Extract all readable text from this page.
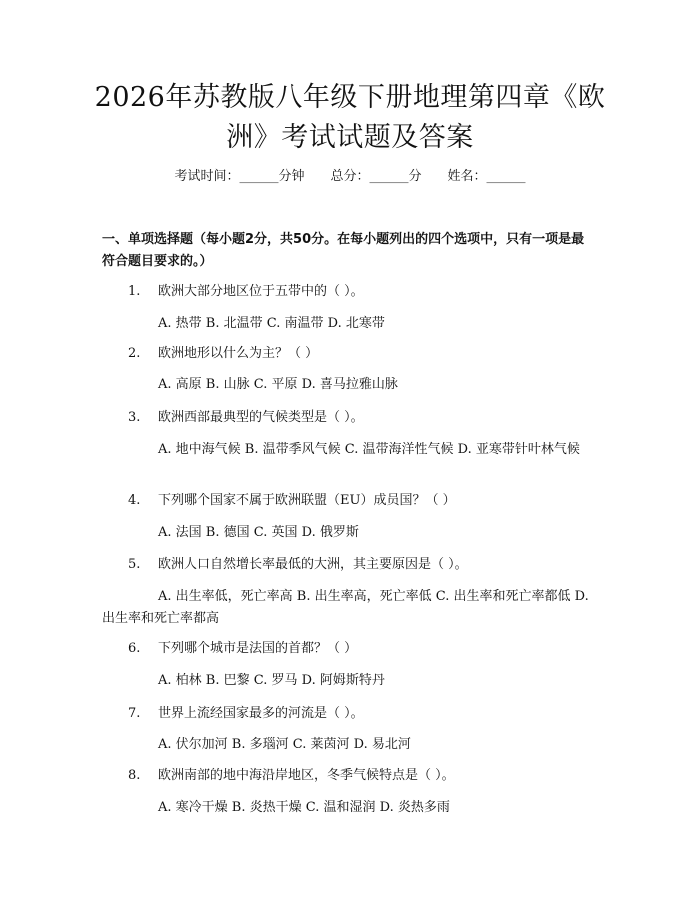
2026年苏教版八年级下册地理第四章《欧洲》考试试题及答案
考试时间：______分钟 总分：______分 姓名：______
一、单项选择题（每小题2分，共50分。在每小题列出的四个选项中，只有一项是最符合题目要求的。）
1. 欧洲大部分地区位于五带中的（ ）。
A. 热带 B. 北温带 C. 南温带 D. 北寒带
2. 欧洲地形以什么为主？（ ）
A. 高原 B. 山脉 C. 平原 D. 喜马拉雅山脉
3. 欧洲西部最典型的气候类型是（ ）。
A. 地中海气候 B. 温带季风气候 C. 温带海洋性气候 D. 亚寒带针叶林气候
4. 下列哪个国家不属于欧洲联盟（EU）成员国？（ ）
A. 法国 B. 德国 C. 英国 D. 俄罗斯
5. 欧洲人口自然增长率最低的大洲，其主要原因是（ ）。
A. 出生率低，死亡率高 B. 出生率高，死亡率低 C. 出生率和死亡率都低 D. 出生率和死亡率都高
6. 下列哪个城市是法国的首都？（ ）
A. 柏林 B. 巴黎 C. 罗马 D. 阿姆斯特丹
7. 世界上流经国家最多的河流是（ ）。
A. 伏尔加河 B. 多瑙河 C. 莱茵河 D. 易北河
8. 欧洲南部的地中海沿岸地区，冬季气候特点是（ ）。
A. 寒冷干燥 B. 炎热干燥 C. 温和湿润 D. 炎热多雨
